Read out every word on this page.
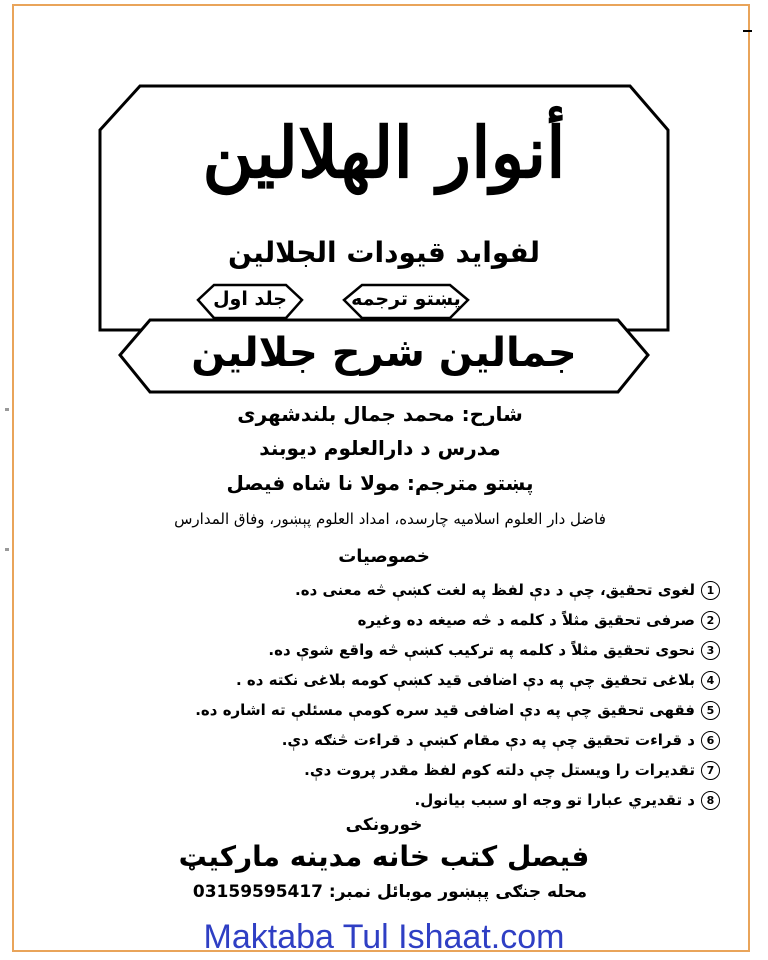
أنوار الهلالين
لفوايد قيودات الجلالين
پښتو ترجمه
جلد اول
جمالين شرح جلالين
شارح: محمد جمال بلندشهری
مدرس د دارالعلوم دیوبند
پښتو مترجم: مولا نا شاه فیصل
فاضل دار العلوم اسلامیه چارسده، امداد العلوم پېښور، وفاق المدارس
خصوصيات
1
لغوی تحقیق، چې د دې لفظ په لغت کښې څه معنی ده.
2
صرفی تحقیق مثلاً د کلمه د څه صیغه ده وغیره
3
نحوی تحقیق مثلاً د کلمه په ترکیب کښې څه واقع شوې ده.
4
بلاغی تحقیق چې په دې اضافی قید کښې کومه بلاغی نکته ده .
5
فقهی تحقیق چې په دې اضافی قید سره کومې مسئلې ته اشاره ده.
6
د قراءت تحقیق چې په دې مقام کښې د قراءت څنګه دې.
7
تقديرات را ويستل چې دلته کوم لفظ مقدر پروت دې.
8
د تقديري عبارا تو وجه او سبب بيانول.
خورونکی
فیصل کتب خانه مدینه مارکیټ
محله جنګی پېښور موبائل نمبر: 03159595417
Maktaba Tul Ishaat.com
